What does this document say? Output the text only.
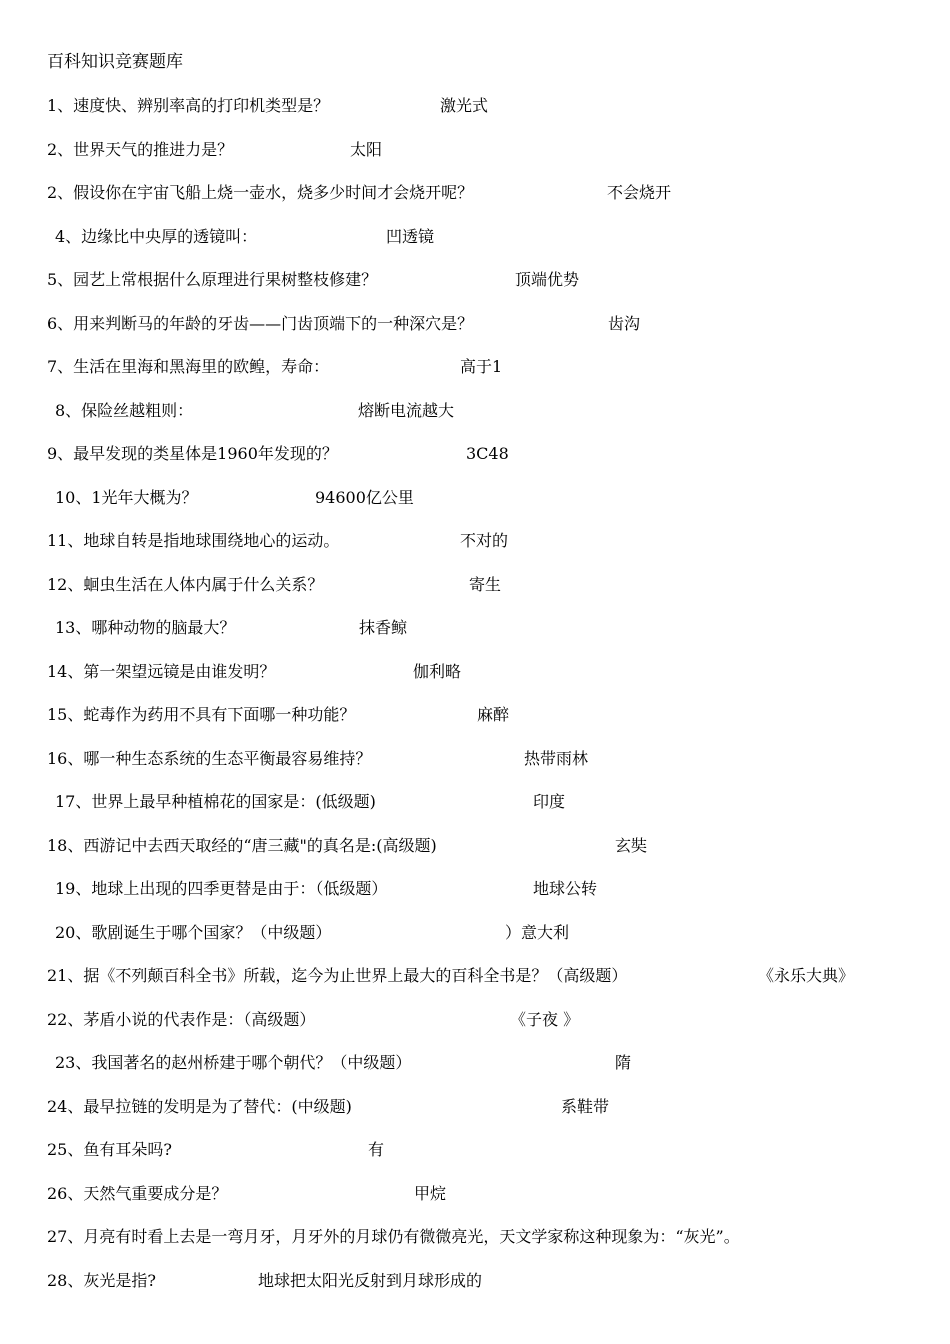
百科知识竞赛题库
1、速度快、辨别率高的打印机类型是？	激光式
2、世界天气的推进力是？	太阳
2、假设你在宇宙飞船上烧一壶水，烧多少时间才会烧开呢？	不会烧开
4、边缘比中央厚的透镜叫：	凹透镜
5、园艺上常根据什么原理进行果树整枝修建？	顶端优势
6、用来判断马的年龄的牙齿——门齿顶端下的一种深穴是？	齿沟
7、生活在里海和黑海里的欧鳇，寿命：	高于1
8、保险丝越粗则：	熔断电流越大
9、最早发现的类星体是1960年发现的？	3C48
10、1光年大概为？	94600亿公里
11、地球自转是指地球围绕地心的运动。	不对的
12、蛔虫生活在人体内属于什么关系？	寄生
13、哪种动物的脑最大？	抹香鲸
14、第一架望远镜是由谁发明？	伽利略
15、蛇毒作为药用不具有下面哪一种功能？	麻醉
16、哪一种生态系统的生态平衡最容易维持？	热带雨林
17、世界上最早种植棉花的国家是：(低级题)	印度
18、西游记中去西天取经的“唐三藏"的真名是:(高级题)	玄奘
19、地球上出现的四季更替是由于：（低级题）	地球公转
20、歌剧诞生于哪个国家？（中级题）	）意大利
21、据《不列颠百科全书》所载，迄今为止世界上最大的百科全书是？（高级题）	《永乐大典》
22、茅盾小说的代表作是：（高级题）	《子夜 》
23、我国著名的赵州桥建于哪个朝代？（中级题）	隋
24、最早拉链的发明是为了替代：(中级题)	系鞋带
25、鱼有耳朵吗?	有
26、天然气重要成分是？	甲烷
27、月亮有时看上去是一弯月牙，月牙外的月球仍有微微亮光，天文学家称这种现象为：“灰光”。
28、灰光是指?	地球把太阳光反射到月球形成的
